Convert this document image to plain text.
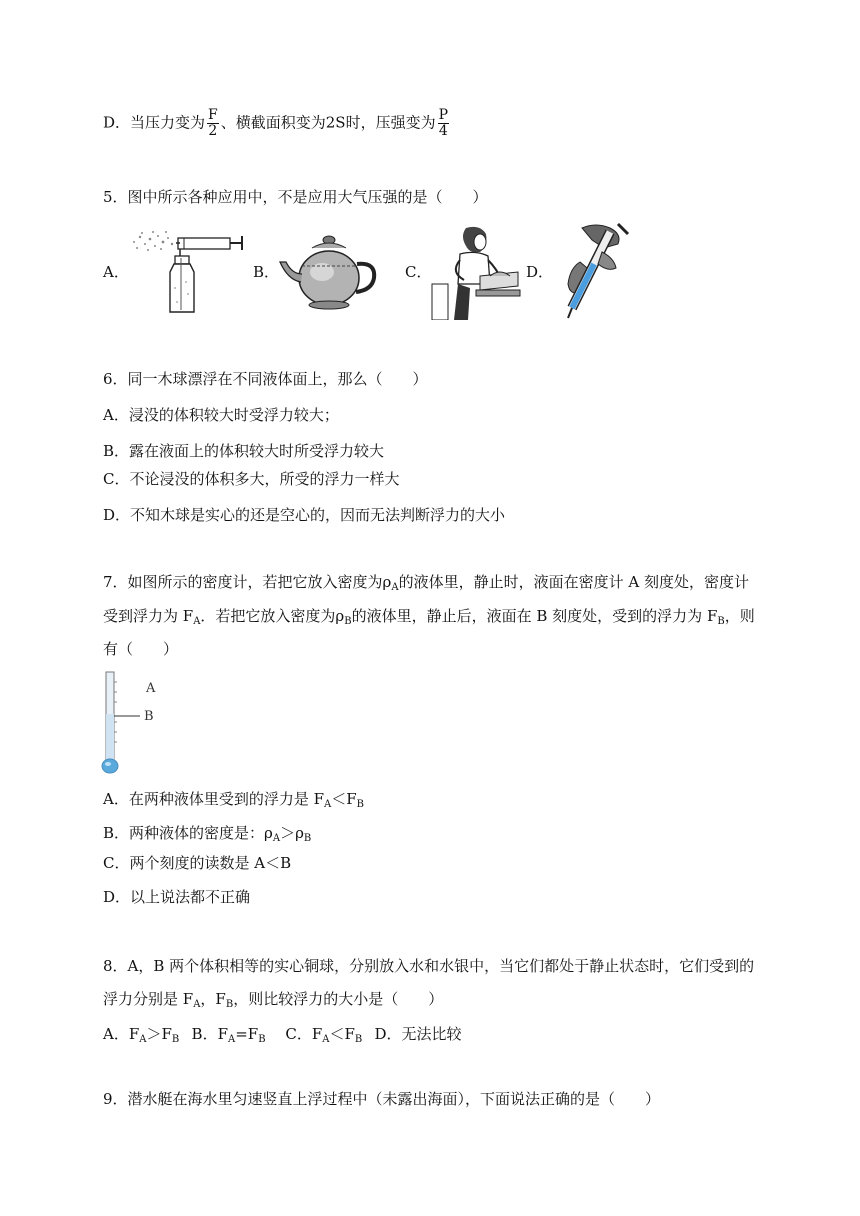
D．当压力变为 $\frac{F}{2}$ 、横截面积变为2S时，压强变为 $\frac{P}{4}$
5．图中所示各种应用中，不是应用大气压强的是（　　）
A．	B．	C．	D．
6．同一木球漂浮在不同液体面上，那么（　　）
A．浸没的体积较大时受浮力较大；
B．露在液面上的体积较大时所受浮力较大
C．不论浸没的体积多大，所受的浮力一样大
D．不知木球是实心的还是空心的，因而无法判断浮力的大小
7．如图所示的密度计，若把它放入密度为$\rho_A$的液体里，静止时，液面在密度计 A 刻度处，密度计
受到浮力为 $F_A$．若把它放入密度为$\rho_B$的液体里，静止后，液面在 B 刻度处，受到的浮力为 $F_B$，则
有（　　）
A
B
A．在两种液体里受到的浮力是 $F_A<F_B$
B．两种液体的密度是：$\rho_A>\rho_B$
C．两个刻度的读数是 A＜B
D．以上说法都不正确
8．A，B 两个体积相等的实心铜球，分别放入水和水银中，当它们都处于静止状态时，它们受到的
浮力分别是 $F_A$，$F_B$，则比较浮力的大小是（　　）
A．$F_A>F_B$  B．$F_A=F_B$  C．$F_A<F_B$  D．无法比较
9．潜水艇在海水里匀速竖直上浮过程中（未露出海面），下面说法正确的是（　　）
